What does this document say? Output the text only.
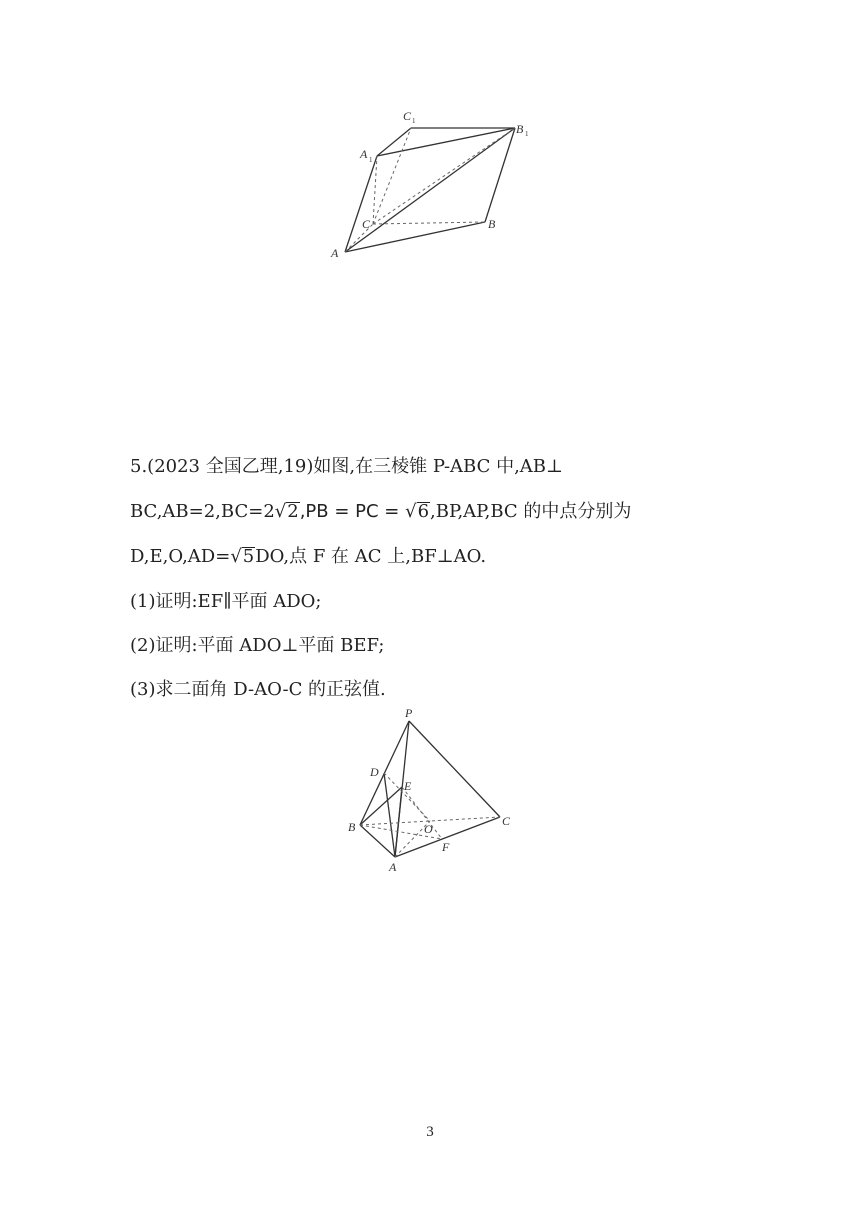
A
B
C
A 1
B 1
C 1
5.(2023 全国乙理,19)如图,在三棱锥 P-ABC 中,AB⊥
BC,AB=2,BC=2√2,PB = PC = √6,BP,AP,BC 的中点分别为
D,E,O,AD=√5DO,点 F 在 AC 上,BF⊥AO.
(1)证明:EF∥平面 ADO;
(2)证明:平面 ADO⊥平面 BEF;
(3)求二面角 D-AO-C 的正弦值.
P
D
E
B	O
C
F
A
3
